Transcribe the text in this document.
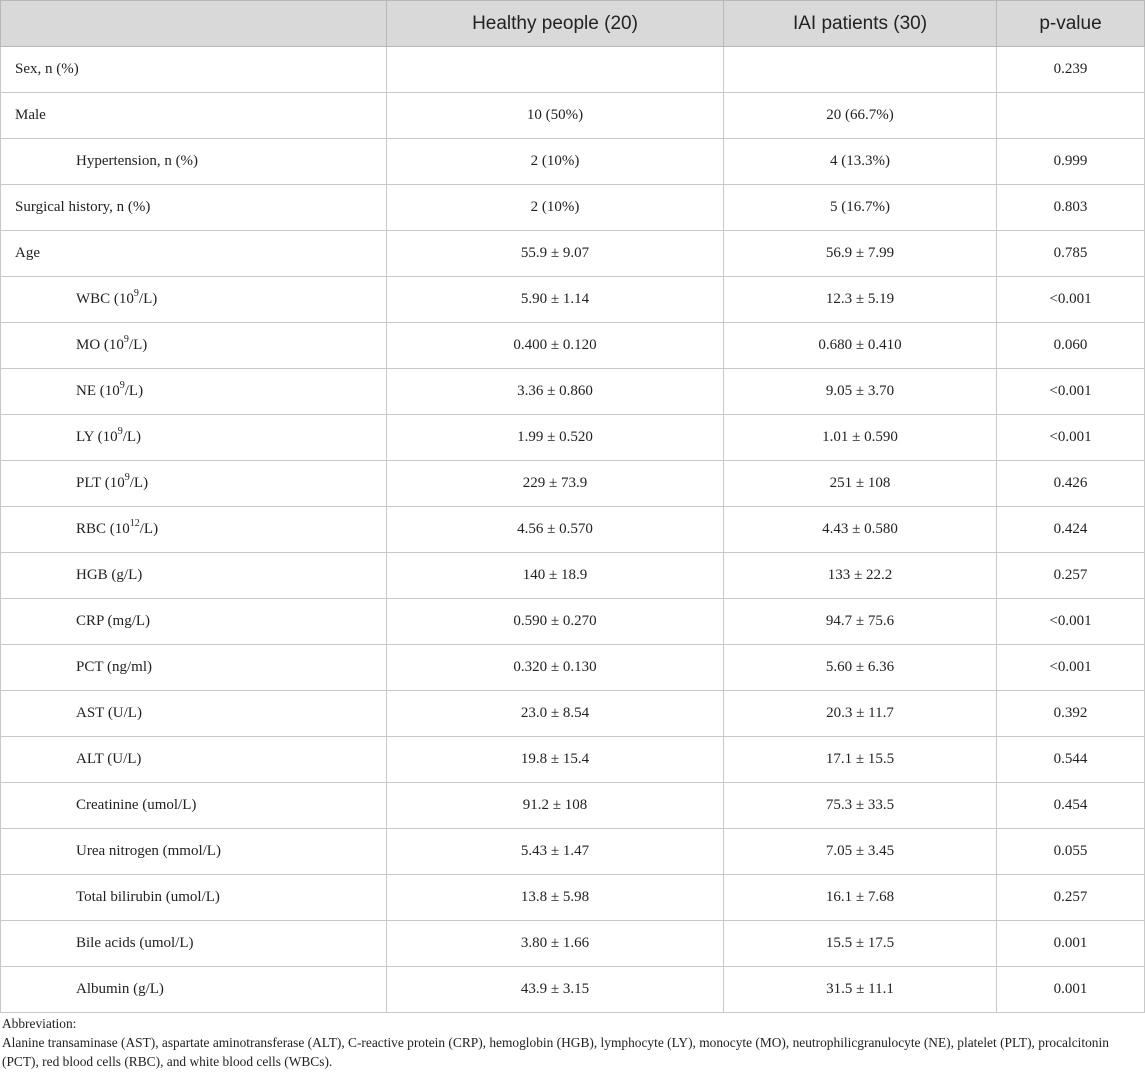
	Healthy people (20)	IAI patients (30)	p-value
Sex, n (%)			0.239
Male	10 (50%)	20 (66.7%)	
Hypertension, n (%)	2 (10%)	4 (13.3%)	0.999
Surgical history, n (%)	2 (10%)	5 (16.7%)	0.803
Age	55.9 ± 9.07	56.9 ± 7.99	0.785
WBC $(10^9/L)$	5.90 ± 1.14	12.3 ± 5.19	<0.001
MO $(10^9/L)$	0.400 ± 0.120	0.680 ± 0.410	0.060
NE $(10^9/L)$	3.36 ± 0.860	9.05 ± 3.70	<0.001
LY $(10^9/L)$	1.99 ± 0.520	1.01 ± 0.590	<0.001
PLT $(10^9/L)$	229 ± 73.9	251 ± 108	0.426
RBC $(10^{12}/L)$	4.56 ± 0.570	4.43 ± 0.580	0.424
HGB (g/L)	140 ± 18.9	133 ± 22.2	0.257
CRP (mg/L)	0.590 ± 0.270	94.7 ± 75.6	<0.001
PCT (ng/ml)	0.320 ± 0.130	5.60 ± 6.36	<0.001
AST (U/L)	23.0 ± 8.54	20.3 ± 11.7	0.392
ALT (U/L)	19.8 ± 15.4	17.1 ± 15.5	0.544
Creatinine (umol/L)	91.2 ± 108	75.3 ± 33.5	0.454
Urea nitrogen (mmol/L)	5.43 ± 1.47	7.05 ± 3.45	0.055
Total bilirubin (umol/L)	13.8 ± 5.98	16.1 ± 7.68	0.257
Bile acids (umol/L)	3.80 ± 1.66	15.5 ± 17.5	0.001
Albumin (g/L)	43.9 ± 3.15	31.5 ± 11.1	0.001

Abbreviation:

Alanine transaminase (AST), aspartate aminotransferase (ALT), C-reactive protein (CRP), hemoglobin (HGB), lymphocyte (LY), monocyte (MO), neutrophilicgranulocyte (NE), platelet (PLT), procalcitonin (PCT), red blood cells (RBC), and white blood cells (WBCs).
